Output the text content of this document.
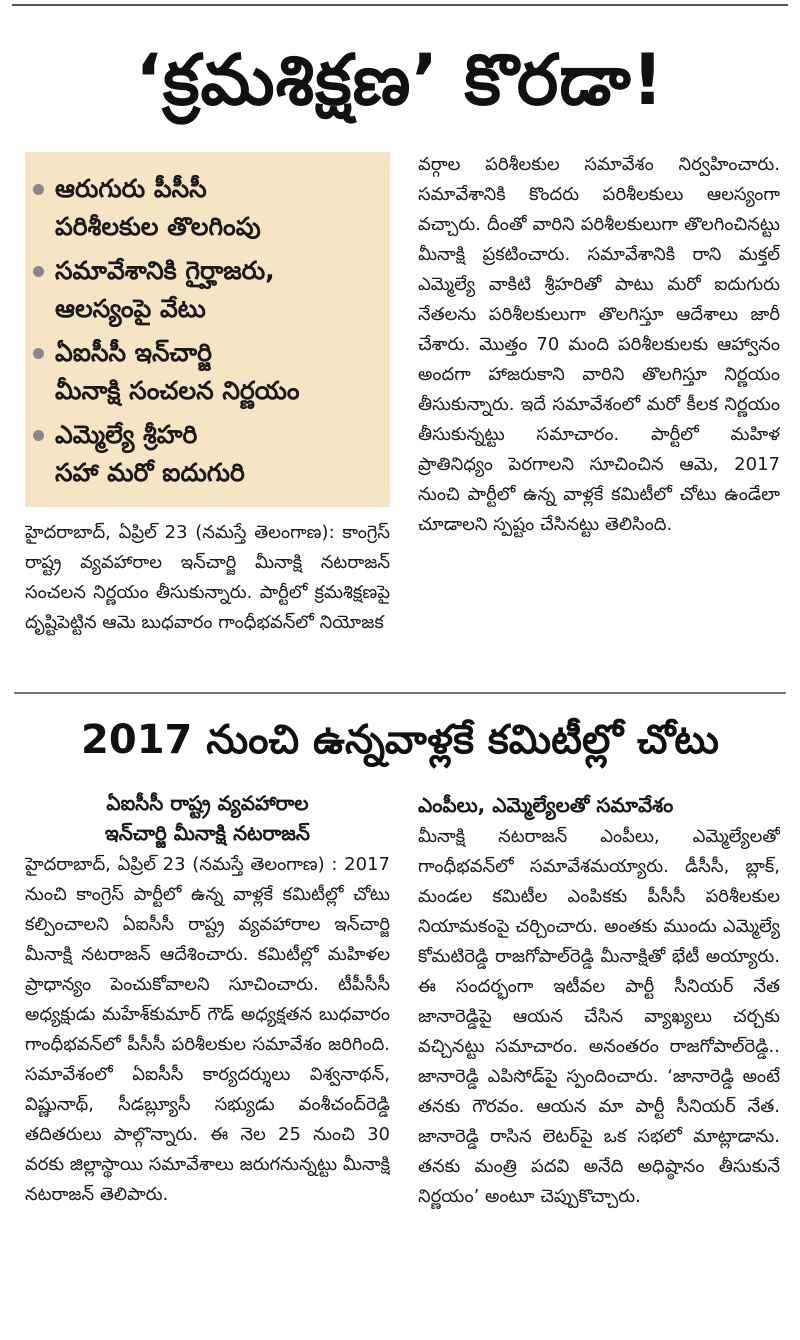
‘క్రమశిక్షణ’ కొరడా!
ఆరుగురు పీసీసీ
పరిశీలకుల తొలగింపు
సమావేశానికి గైర్హాజరు,
ఆలస్యంపై వేటు
ఏఐసీసీ ఇన్‌చార్జి
మీనాక్షి సంచలన నిర్ణయం
ఎమ్మెల్యే శ్రీహరి
సహా మరో ఐదుగురి

హైదరాబాద్, ఏప్రిల్ 23 (నమస్తే తెలంగాణ): కాంగ్రెస్ రాష్ట్ర వ్యవహారాల ఇన్‌చార్జి మీనాక్షి నటరాజన్ సంచలన నిర్ణయం తీసుకున్నారు. పార్టీలో క్రమశిక్షణపై దృష్టిపెట్టిన ఆమె బుధవారం గాంధీభవన్‌లో నియోజక

వర్గాల పరిశీలకుల సమావేశం నిర్వహించారు. సమావేశానికి కొందరు పరిశీలకులు ఆలస్యంగా వచ్చారు. దీంతో వారిని పరిశీలకులుగా తొలగించినట్టు మీనాక్షి ప్రకటించారు. సమావేశానికి రాని మక్తల్ ఎమ్మెల్యే వాకిటి శ్రీహరితో పాటు మరో ఐదుగురు నేతలను పరిశీలకులుగా తొలగిస్తూ ఆదేశాలు జారీ చేశారు. మొత్తం 70 మంది పరిశీలకులకు ఆహ్వానం అందగా హాజరుకాని వారిని తొలగిస్తూ నిర్ణయం తీసుకున్నారు. ఇదే సమావేశంలో మరో కీలక నిర్ణయం తీసుకున్నట్టు సమాచారం. పార్టీలో మహిళ ప్రాతినిధ్యం పెరగాలని సూచించిన ఆమె, 2017 నుంచి పార్టీలో ఉన్న వాళ్లకే కమిటీలో చోటు ఉండేలా చూడాలని స్పష్టం చేసినట్టు తెలిసింది.

2017 నుంచి ఉన్నవాళ్లకే కమిటీల్లో చోటు
ఏఐసీసీ రాష్ట్ర వ్యవహారాల
ఇన్‌చార్జి మీనాక్షి నటరాజన్

హైదరాబాద్, ఏప్రిల్ 23 (నమస్తే తెలంగాణ) : 2017 నుంచి కాంగ్రెస్ పార్టీలో ఉన్న వాళ్లకే కమిటీల్లో చోటు కల్పించాలని ఏఐసీసీ రాష్ట్ర వ్యవహారాల ఇన్‌చార్జి మీనాక్షి నటరాజన్ ఆదేశించారు. కమిటీల్లో మహిళల ప్రాధాన్యం పెంచుకోవాలని సూచించారు. టీపీసీసీ అధ్యక్షుడు మహేశ్‌కుమార్ గౌడ్ అధ్యక్షతన బుధవారం గాంధీభవన్‌లో పీసీసీ పరిశీలకుల సమావేశం జరిగింది. సమావేశంలో ఏఐసీసీ కార్యదర్శులు విశ్వనాథన్, విష్ణునాథ్, సీడబ్ల్యూసీ సభ్యుడు వంశీచంద్‌రెడ్డి తదితరులు పాల్గొన్నారు. ఈ నెల 25 నుంచి 30 వరకు జిల్లాస్థాయి సమావేశాలు జరుగనున్నట్టు మీనాక్షి నటరాజన్ తెలిపారు.

ఎంపీలు, ఎమ్మెల్యేలతో సమావేశం

మీనాక్షి నటరాజన్ ఎంపీలు, ఎమ్మెల్యేలతో గాంధీభవన్‌లో సమావేశమయ్యారు. డీసీసీ, బ్లాక్, మండల కమిటీల ఎంపికకు పీసీసీ పరిశీలకుల నియామకంపై చర్చించారు. అంతకు ముందు ఎమ్మెల్యే కోమటిరెడ్డి రాజగోపాల్‌రెడ్డి మీనాక్షితో భేటీ అయ్యారు. ఈ సందర్భంగా ఇటీవల పార్టీ సీనియర్ నేత జానారెడ్డిపై ఆయన చేసిన వ్యాఖ్యలు చర్చకు వచ్చినట్టు సమాచారం. అనంతరం రాజగోపాల్‌రెడ్డి.. జానారెడ్డి ఎపిసోడ్‌పై స్పందించారు. ‘జానారెడ్డి అంటే తనకు గౌరవం. ఆయన మా పార్టీ సీనియర్ నేత. జానారెడ్డి రాసిన లెటర్‌పై ఒక సభలో మాట్లాడాను. తనకు మంత్రి పదవి అనేది అధిష్ఠానం తీసుకునే నిర్ణయం’ అంటూ చెప్పుకొచ్చారు.
